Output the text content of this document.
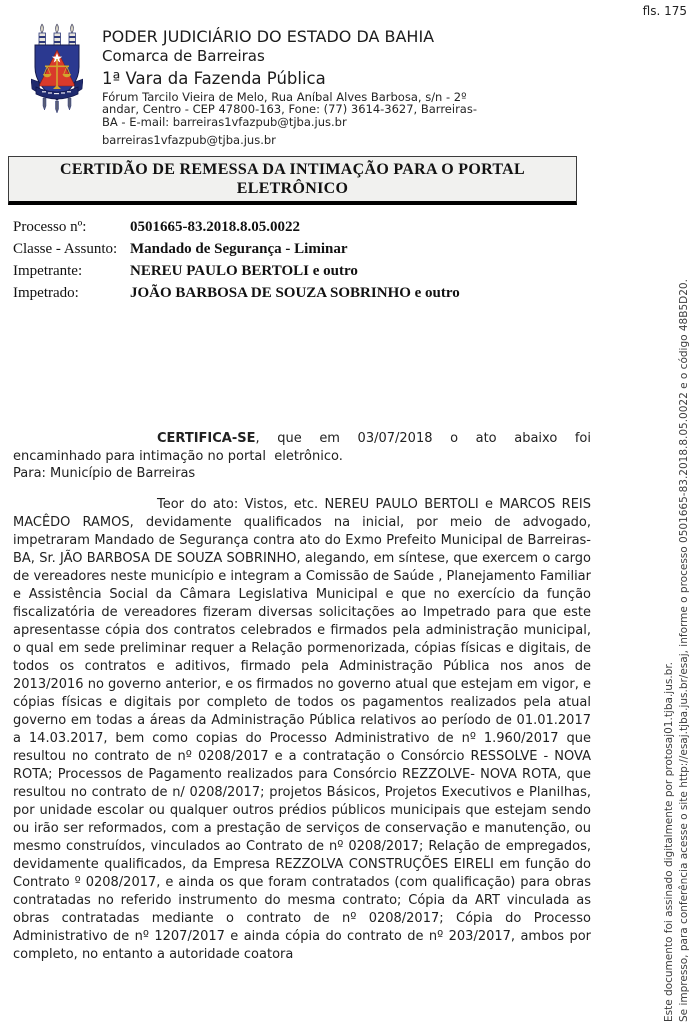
fls. 175
PODER JUDICIÁRIO DO ESTADO DA BAHIA
Comarca de Barreiras
1ª Vara da Fazenda Pública
Fórum Tarcilo Vieira de Melo, Rua Aníbal Alves Barbosa, s/n - 2º
andar, Centro - CEP 47800-163, Fone: (77) 3614-3627, Barreiras-
BA - E-mail: barreiras1vfazpub@tjba.jus.br
barreiras1vfazpub@tjba.jus.br
CERTIDÃO DE REMESSA DA INTIMAÇÃO PARA O PORTAL
ELETRÔNICO
Processo nº:	0501665-83.2018.8.05.0022
Classe - Assunto: Mandado de Segurança - Liminar
Impetrante:	NEREU PAULO BERTOLI e outro
Impetrado:	JOÃO BARBOSA DE SOUZA SOBRINHO e outro
CERTIFICA-SE, que em 03/07/2018 o ato abaixo foi
encaminhado para intimação no portal  eletrônico.
Para: Município de Barreiras
Teor do ato: Vistos, etc. NEREU PAULO BERTOLI e MARCOS REIS MACÊDO RAMOS, devidamente qualificados na inicial, por meio de advogado, impetraram Mandado de Segurança contra ato do Exmo Prefeito Municipal de Barreiras-BA, Sr. JÃO BARBOSA DE SOUZA SOBRINHO, alegando, em síntese, que exercem o cargo de vereadores neste município e integram a Comissão de Saúde , Planejamento Familiar e Assistência Social da Câmara Legislativa Municipal e que no exercício da função fiscalizatória de vereadores fizeram diversas solicitações ao Impetrado para que este apresentasse cópia dos contratos celebrados e firmados pela administração municipal, o qual em sede preliminar requer a Relação pormenorizada, cópias físicas e digitais, de todos os contratos e aditivos, firmado pela Administração Pública nos anos de 2013/2016 no governo anterior, e os firmados no governo atual que estejam em vigor, e cópias físicas e digitais por completo de todos os pagamentos realizados pela atual governo em todas a áreas da Administração Pública relativos ao período de 01.01.2017 a 14.03.2017, bem como copias do Processo Administrativo de nº 1.960/2017 que resultou no contrato de nº 0208/2017 e a contratação o Consórcio RESSOLVE - NOVA ROTA; Processos de Pagamento realizados para Consórcio REZZOLVE- NOVA ROTA, que resultou no contrato de n/ 0208/2017; projetos Básicos, Projetos Executivos e Planilhas, por unidade escolar ou qualquer outros prédios públicos municipais que estejam sendo ou irão ser reformados, com a prestação de serviços de conservação e manutenção, ou mesmo construídos, vinculados ao Contrato de nº 0208/2017; Relação de empregados, devidamente qualificados, da Empresa REZZOLVA CONSTRUÇÕES EIRELI em função do Contrato º 0208/2017, e ainda os que foram contratados (com qualificação) para obras contratadas no referido instrumento do mesma contrato; Cópia da ART vinculada as obras contratadas mediante o contrato de nº 0208/2017; Cópia do Processo Administrativo de nº 1207/2017 e ainda cópia do contrato de nº 203/2017, ambos por completo, no entanto a autoridade coatora	Este documento foi assinado digitalmente por protosaj01.tjba.jus.br. Se impresso, para conferência acesse o site http://esaj.tjba.jus.br/esaj, informe o processo 0501665-83.2018.8.05.0022 e o código 48B5D20.
